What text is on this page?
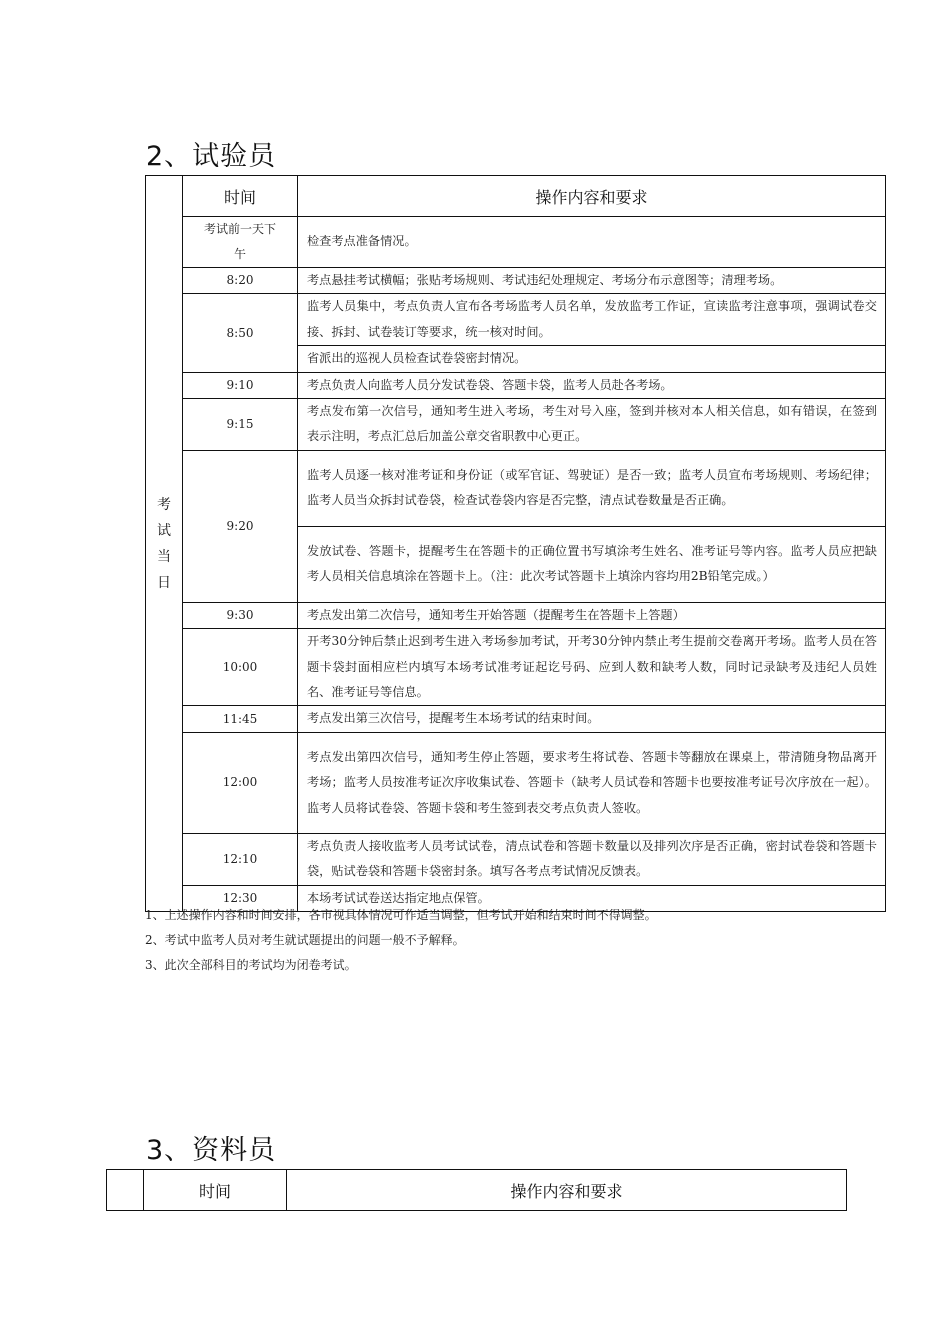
2、试验员
考
试
当
日	时间	操作内容和要求

	考试前一天下午	检查考点准备情况。
	8:20	考点悬挂考试横幅；张贴考场规则、考试违纪处理规定、考场分布示意图等；清理考场。
	8:50	监考人员集中，考点负责人宣布各考场监考人员名单，发放监考工作证，宣读监考注意事项，强调试卷交接、拆封、试卷装订等要求，统一核对时间。
		省派出的巡视人员检查试卷袋密封情况。
	9:10	考点负责人向监考人员分发试卷袋、答题卡袋，监考人员赴各考场。
	9:15	考点发布第一次信号，通知考生进入考场，考生对号入座，签到并核对本人相关信息，如有错误，在签到表示注明，考点汇总后加盖公章交省职教中心更正。
	9:20	监考人员逐一核对准考证和身份证（或军官证、驾驶证）是否一致；监考人员宣布考场规则、考场纪律；监考人员当众拆封试卷袋，检查试卷袋内容是否完整，清点试卷数量是否正确。
		发放试卷、答题卡，提醒考生在答题卡的正确位置书写填涂考生姓名、准考证号等内容。监考人员应把缺考人员相关信息填涂在答题卡上。（注：此次考试答题卡上填涂内容均用2B铅笔完成。）
	9:30	考点发出第二次信号，通知考生开始答题（提醒考生在答题卡上答题）
	10:00	开考30分钟后禁止迟到考生进入考场参加考试，开考30分钟内禁止考生提前交卷离开考场。监考人员在答题卡袋封面相应栏内填写本场考试准考证起讫号码、应到人数和缺考人数，同时记录缺考及违纪人员姓名、准考证号等信息。
	11:45	考点发出第三次信号，提醒考生本场考试的结束时间。
	12:00	考点发出第四次信号，通知考生停止答题，要求考生将试卷、答题卡等翻放在课桌上，带清随身物品离开考场；监考人员按准考证次序收集试卷、答题卡（缺考人员试卷和答题卡也要按准考证号次序放在一起）。监考人员将试卷袋、答题卡袋和考生签到表交考点负责人签收。
	12:10	考点负责人接收监考人员考试试卷，清点试卷和答题卡数量以及排列次序是否正确，密封试卷袋和答题卡袋，贴试卷袋和答题卡袋密封条。填写各考点考试情况反馈表。
	12:30	本场考试试卷送达指定地点保管。
1、上述操作内容和时间安排，各市视具体情况可作适当调整，但考试开始和结束时间不得调整。
2、考试中监考人员对考生就试题提出的问题一般不予解释。
3、此次全部科目的考试均为闭卷考试。
3、资料员
	时间	操作内容和要求
